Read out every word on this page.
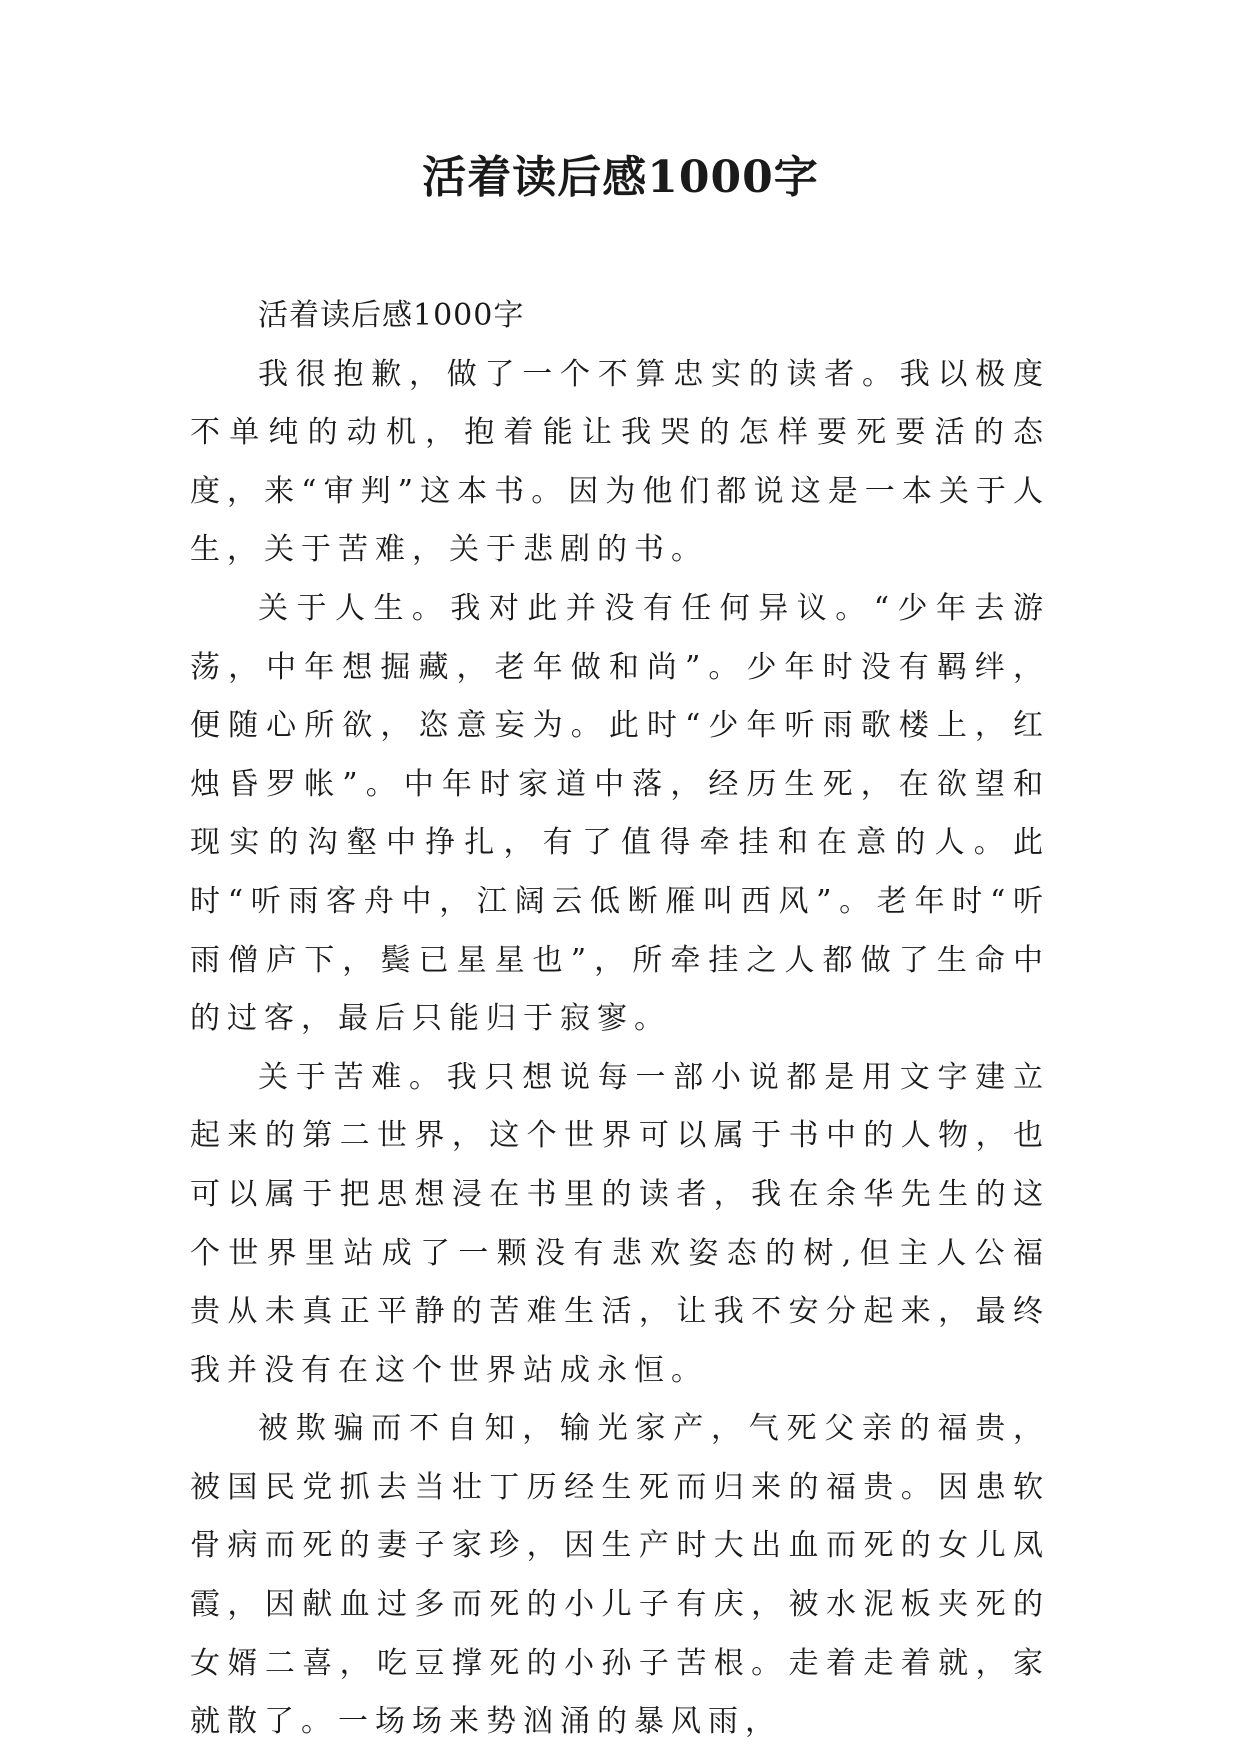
活着读后感1000字

活着读后感1000字

我很抱歉，做了一个不算忠实的读者。我以极度不单纯的动机，抱着能让我哭的怎样要死要活的态度，来“审判”这本书。因为他们都说这是一本关于人生，关于苦难，关于悲剧的书。

关于人生。我对此并没有任何异议。“少年去游荡，中年想掘藏，老年做和尚”。少年时没有羁绊，便随心所欲，恣意妄为。此时“少年听雨歌楼上，红烛昏罗帐”。中年时家道中落，经历生死，在欲望和现实的沟壑中挣扎，有了值得牵挂和在意的人。此时“听雨客舟中，江阔云低断雁叫西风”。老年时“听雨僧庐下，鬓已星星也”，所牵挂之人都做了生命中的过客，最后只能归于寂寥。

关于苦难。我只想说每一部小说都是用文字建立起来的第二世界，这个世界可以属于书中的人物，也可以属于把思想浸在书里的读者，我在余华先生的这个世界里站成了一颗没有悲欢姿态的树,但主人公福贵从未真正平静的苦难生活，让我不安分起来，最终我并没有在这个世界站成永恒。

被欺骗而不自知，输光家产，气死父亲的福贵，被国民党抓去当壮丁历经生死而归来的福贵。因患软骨病而死的妻子家珍，因生产时大出血而死的女儿凤霞，因献血过多而死的小儿子有庆，被水泥板夹死的女婿二喜，吃豆撑死的小孙子苦根。走着走着就，家就散了。一场场来势汹涌的暴风雨，
